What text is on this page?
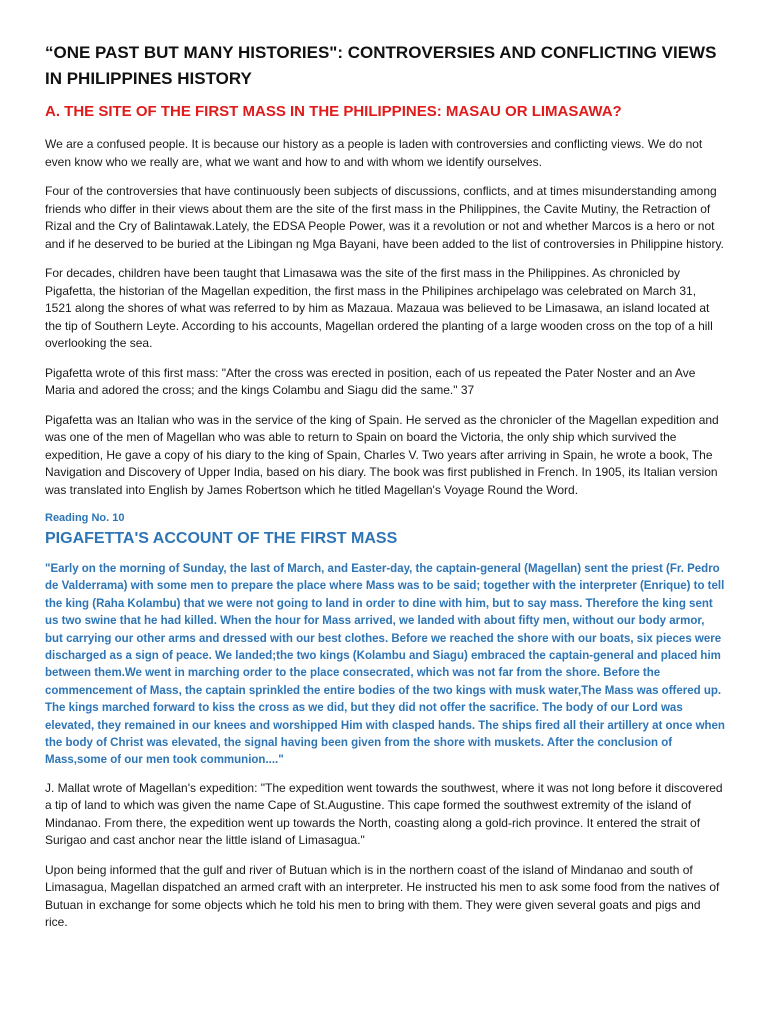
“ONE PAST BUT MANY HISTORIES": CONTROVERSIES AND CONFLICTING VIEWS IN PHILIPPINES HISTORY
A. THE SITE OF THE FIRST MASS IN THE PHILIPPINES: MASAU OR LIMASAWA?

We are a confused people. It is because our history as a people is laden with controversies and conflicting views. We do not even know who we really are, what we want and how to and with whom we identify ourselves.

Four of the controversies that have continuously been subjects of discussions, conflicts, and at times misunderstanding among friends who differ in their views about them are the site of the first mass in the Philippines, the Cavite Mutiny, the Retraction of Rizal and the Cry of Balintawak.Lately, the EDSA People Power, was it a revolution or not and whether Marcos is a hero or not and if he deserved to be buried at the Libingan ng Mga Bayani, have been added to the list of controversies in Philippine history.

For decades, children have been taught that Limasawa was the site of the first mass in the Philippines. As chronicled by Pigafetta, the historian of the Magellan expedition, the first mass in the Philipines archipelago was celebrated on March 31, 1521 along the shores of what was referred to by him as Mazaua. Mazaua was believed to be Limasawa, an island located at the tip of Southern Leyte. According to his accounts, Magellan ordered the planting of a large wooden cross on the top of a hill overlooking the sea.

Pigafetta wrote of this first mass: "After the cross was erected in position, each of us repeated the Pater Noster and an Ave Maria and adored the cross; and the kings Colambu and Siagu did the same." 37

Pigafetta was an Italian who was in the service of the king of Spain. He served as the chronicler of the Magellan expedition and was one of the men of Magellan who was able to return to Spain on board the Victoria, the only ship which survived the expedition, He gave a copy of his diary to the king of Spain, Charles V. Two years after arriving in Spain, he wrote a book, The Navigation and Discovery of Upper India, based on his diary. The book was first published in French. In 1905, its Italian version was translated into English by James Robertson which he titled Magellan's Voyage Round the Word.

Reading No. 10
PIGAFETTA'S ACCOUNT OF THE FIRST MASS

"Early on the morning of Sunday, the last of March, and Easter-day, the captain-general (Magellan) sent the priest (Fr. Pedro de Valderrama) with some men to prepare the place where Mass was to be said; together with the interpreter (Enrique) to tell the king (Raha Kolambu) that we were not going to land in order to dine with him, but to say mass. Therefore the king sent us two swine that he had killed. When the hour for Mass arrived, we landed with about fifty men, without our body armor, but carrying our other arms and dressed with our best clothes. Before we reached the shore with our boats, six pieces were discharged as a sign of peace. We landed;the two kings (Kolambu and Siagu) embraced the captain-general and placed him between them.We went in marching order to the place consecrated, which was not far from the shore. Before the commencement of Mass, the captain sprinkled the entire bodies of the two kings with musk water,The Mass was offered up. The kings marched forward to kiss the cross as we did, but they did not offer the sacrifice. The body of our Lord was elevated, they remained in our knees and worshipped Him with clasped hands. The ships fired all their artillery at once when the body of Christ was elevated, the signal having been given from the shore with muskets. After the conclusion of Mass,some of our men took communion...."

J. Mallat wrote of Magellan's expedition: "The expedition went towards the southwest, where it was not long before it discovered a tip of land to which was given the name Cape of St.Augustine. This cape formed the southwest extremity of the island of Mindanao. From there, the expedition went up towards the North, coasting along a gold-rich province. It entered the strait of Surigao and cast anchor near the little island of Limasagua."

Upon being informed that the gulf and river of Butuan which is in the northern coast of the island of Mindanao and south of Limasagua, Magellan dispatched an armed craft with an interpreter. He instructed his men to ask some food from the natives of Butuan in exchange for some objects which he told his men to bring with them. They were given several goats and pigs and rice.
